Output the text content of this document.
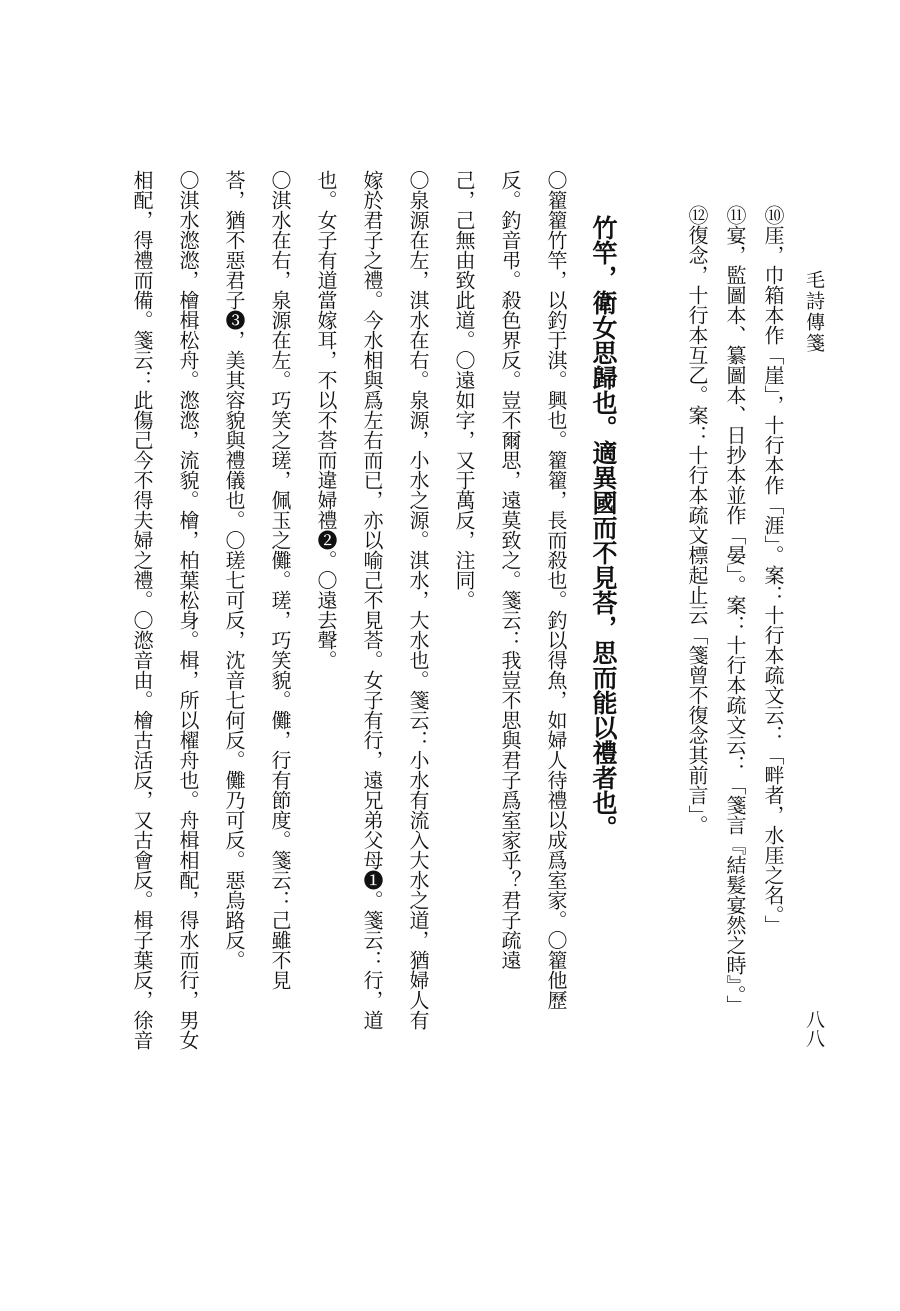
毛詩傳箋
八八
⑩厓，巾箱本作「崖」，十行本作「涯」。案：十行本疏文云：「畔者，水厓之名。」
⑪宴，監圖本、纂圖本、日抄本並作「晏」。案：十行本疏文云：「箋言『結髮宴然之時』。」
⑫復念，十行本互乙。案：十行本疏文標起止云「箋曾不復念其前言」。
竹竿，衛女思歸也。適異國而不見荅，思而能以禮者也。
〇籊籊竹竿，以釣于淇。興也。籊籊，長而殺也。釣以得魚，如婦人待禮以成爲室家。〇籊他歷
反。釣音弔。殺色界反。豈不爾思，遠莫致之。箋云：我豈不思與君子爲室家乎？君子疏遠
己，己無由致此道。〇遠如字，又于萬反，注同。
〇泉源在左，淇水在右。泉源，小水之源。淇水，大水也。箋云：小水有流入大水之道，猶婦人有
嫁於君子之禮。今水相與爲左右而已，亦以喻己不見荅。女子有行，遠兄弟父母❶。箋云：行，道
也。女子有道當嫁耳，不以不荅而違婦禮❷。〇遠去聲。
〇淇水在右，泉源在左。巧笑之瑳，佩玉之儺。瑳，巧笑貌。儺，行有節度。箋云：己雖不見
荅，猶不惡君子❸，美其容貌與禮儀也。〇瑳七可反，沈音七何反。儺乃可反。惡烏路反。
〇淇水滺滺，檜楫松舟。滺滺，流貌。檜，柏葉松身。楫，所以櫂舟也。舟楫相配，得水而行，男女
相配，得禮而備。箋云：此傷己今不得夫婦之禮。〇滺音由。檜古活反，又古會反。楫子葉反，徐音
